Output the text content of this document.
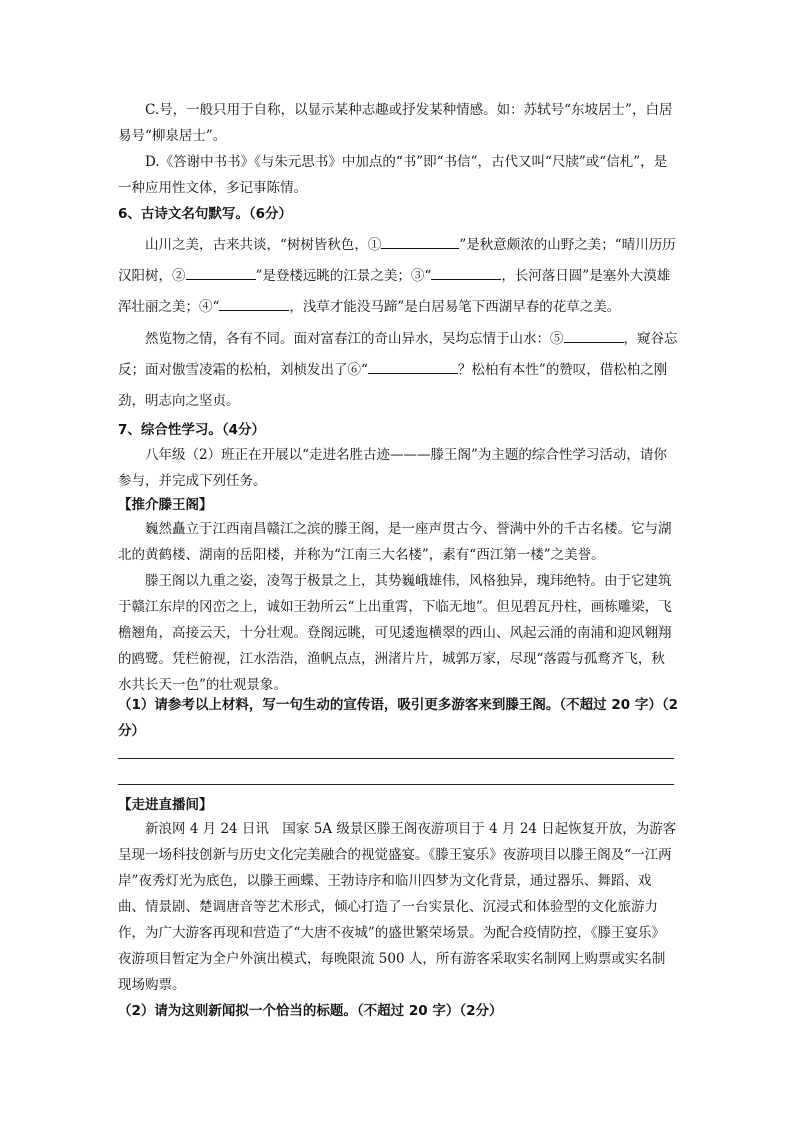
C.号，一般只用于自称，以显示某种志趣或抒发某种情感。如：苏轼号“东坡居士”，白居易号“柳泉居士”。

D.《答谢中书书》《与朱元思书》中加点的“书”即“书信”，古代又叫“尺牍”或“信札”，是一种应用性文体，多记事陈情。

6、古诗文名句默写。（6分）

山川之美，古来共谈，“树树皆秋色，①	”是秋意颇浓的山野之美；“晴川历历汉阳树，②	”是登楼远眺的江景之美；③“	，长河落日圆”是塞外大漠雄浑壮丽之美；④“	，浅草才能没马蹄”是白居易笔下西湖早春的花草之美。

然览物之情，各有不同。面对富春江的奇山异水，吴均忘情于山水：⑤	，窥谷忘反；面对傲雪凌霜的松柏，刘桢发出了⑥“	？松柏有本性”的赞叹，借松柏之刚劲，明志向之坚贞。

7、综合性学习。（4分）

八年级（2）班正在开展以“走进名胜古迹———滕王阁”为主题的综合性学习活动，请你参与，并完成下列任务。

【推介滕王阁】

巍然矗立于江西南昌赣江之滨的滕王阁，是一座声贯古今、誉满中外的千古名楼。它与湖北的黄鹤楼、湖南的岳阳楼，并称为“江南三大名楼”，素有“西江第一楼”之美誉。

滕王阁以九重之姿，凌驾于极景之上，其势巍峨雄伟，风格独异，瑰玮绝特。由于它建筑于赣江东岸的冈峦之上，诚如王勃所云“上出重霄，下临无地”。但见碧瓦丹柱，画栋雕梁，飞檐翘角，高接云天，十分壮观。登阁远眺，可见逶迤横翠的西山、风起云涌的南浦和迎风翱翔的鸥鹭。凭栏俯视，江水浩浩，渔帆点点，洲渚片片，城郭万家，尽现“落霞与孤鹜齐飞，秋水共长天一色”的壮观景象。

（1）请参考以上材料，写一句生动的宣传语，吸引更多游客来到滕王阁。（不超过 20 字）（2分）

【走进直播间】

新浪网 4 月 24 日讯　国家 5A 级景区滕王阁夜游项目于 4 月 24 日起恢复开放，为游客呈现一场科技创新与历史文化完美融合的视觉盛宴。《滕王宴乐》夜游项目以滕王阁及“一江两岸”夜秀灯光为底色，以滕王画蝶、王勃诗序和临川四梦为文化背景，通过器乐、舞蹈、戏曲、情景剧、楚调唐音等艺术形式，倾心打造了一台实景化、沉浸式和体验型的文化旅游力作，为广大游客再现和营造了“大唐不夜城”的盛世繁荣场景。为配合疫情防控，《滕王宴乐》夜游项目暂定为全户外演出模式，每晚限流 500 人，所有游客采取实名制网上购票或实名制现场购票。

（2）请为这则新闻拟一个恰当的标题。（不超过 20 字）（2分）
